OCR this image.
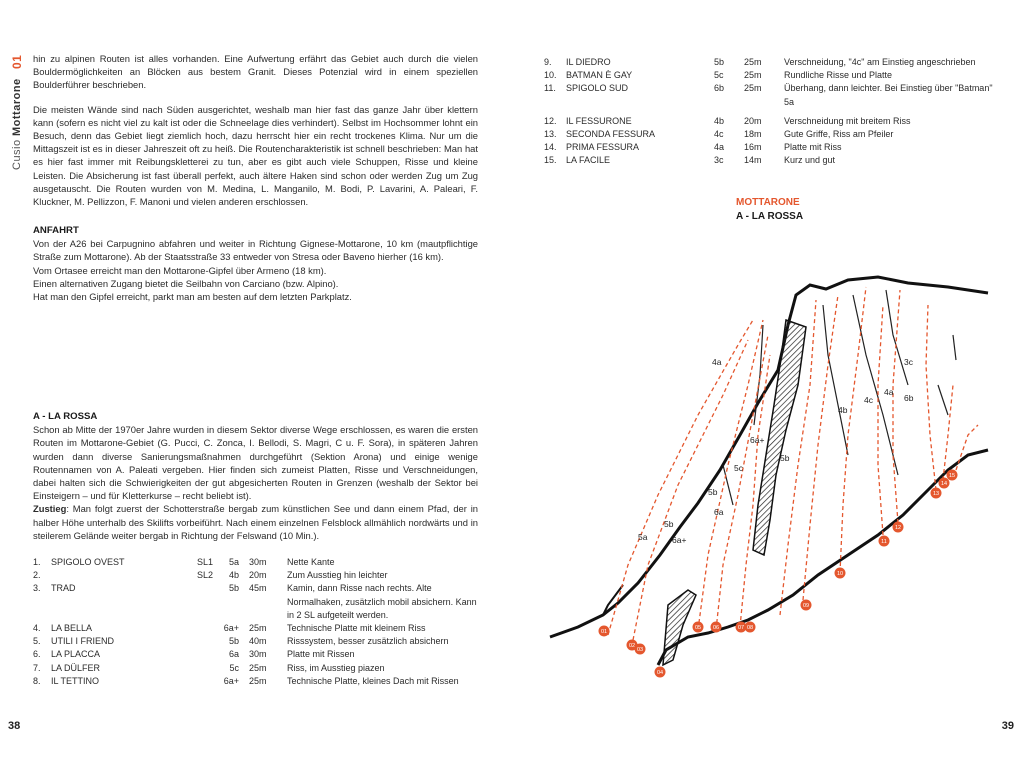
Cusio Mottarone 01 hin zu alpinen Routen ist alles vorhanden. Eine Aufwertung erfährt das Gebiet auch durch die vielen Bouldermöglichkeiten an Blöcken aus bestem Granit. Dieses Potenzial wird in einem speziellen Boulderführer beschrieben.

Die meisten Wände sind nach Süden ausgerichtet, weshalb man hier fast das ganze Jahr über klettern kann (sofern es nicht viel zu kalt ist oder die Schneelage dies verhindert). Selbst im Hochsommer lohnt ein Besuch, denn das Gebiet liegt ziemlich hoch, dazu herrscht hier ein recht trockenes Klima. Nur um die Mittagszeit ist es in dieser Jahreszeit oft zu heiß. Die Routencharakteristik ist schnell beschrieben: Man hat es hier fast immer mit Reibungskletterei zu tun, aber es gibt auch viele Schuppen, Risse und kleine Leisten. Die Absicherung ist fast überall perfekt, auch ältere Haken sind schon oder werden Zug um Zug ausgetauscht. Die Routen wurden von M. Medina, L. Manganilo, M. Bodi, P. Lavarini, A. Paleari, F. Kluckner, M. Pellizzon, F. Manoni und vielen anderen erschlossen.

ANFAHRT

Von der A26 bei Carpugnino abfahren und weiter in Richtung Gignese-Mottarone, 10 km (mautpflichtige Straße zum Mottarone). Ab der Staatsstraße 33 entweder von Stresa oder Baveno hierher (16 km).

Vom Ortasee erreicht man den Mottarone-Gipfel über Armeno (18 km).

Einen alternativen Zugang bietet die Seilbahn von Carciano (bzw. Alpino).

Hat man den Gipfel erreicht, parkt man am besten auf dem letzten Parkplatz.

A - LA ROSSA

Schon ab Mitte der 1970er Jahre wurden in diesem Sektor diverse Wege erschlossen, es waren die ersten Routen im Mottarone-Gebiet (G. Pucci, C. Zonca, I. Bellodi, S. Magri, C u. F. Sora), in späteren Jahren wurden dann diverse Sanierungsmaßnahmen durchgeführt (Sektion Arona) und einige wenige Routennamen von A. Paleati vergeben. Hier finden sich zumeist Platten, Risse und Verschneidungen, dabei halten sich die Schwierigkeiten der gut abgesicherten Routen in Grenzen (weshalb der Sektor bei Einsteigern – und für Kletterkurse – recht beliebt ist).

Zustieg: Man folgt zuerst der Schotterstraße bergab zum künstlichen See und dann einem Pfad, der in halber Höhe unterhalb des Skilifts vorbeiführt. Nach einem einzelnen Felsblock allmählich nordwärts und in steilerem Gelände weiter bergab in Richtung der Felswand (10 Min.).

1.	SPIGOLO OVEST	SL1	5a	30m	Nette Kante
2.		SL2	4b	20m	Zum Ausstieg hin leichter
3.	TRAD		5b	45m	Kamin, dann Risse nach rechts. Alte Normalhaken, zusätzlich mobil absichern. Kann in 2 SL aufgeteilt werden.
4.	LA BELLA		6a+	25m	Technische Platte mit kleinem Riss
5.	UTILI I FRIEND		5b	40m	Risssystem, besser zusätzlich absichern
6.	LA PLACCA		6a	30m	Platte mit Rissen
7.	LA DÜLFER		5c	25m	Riss, im Ausstieg piazen
8.	IL TETTINO		6a+	25m	Technische Platte, kleines Dach mit Rissen
38	39
9.	IL DIEDRO	5b	25m	Verschneidung, "4c" am Einstieg angeschrieben
10.	BATMAN È GAY	5c	25m	Rundliche Risse und Platte
11.	SPIGOLO SUD	6b	25m	Überhang, dann leichter. Bei Einstieg über "Batman" 5a
12.	IL FESSURONE	4b	20m	Verschneidung mit breitem Riss
13.	SECONDA FESSURA	4c	18m	Gute Griffe, Riss am Pfeiler
14.	PRIMA FESSURA	4a	16m	Platte mit Riss
15.	LA FACILE	3c	14m	Kurz und gut
MOTTARONE
A - LA ROSSA
4a	3c
4b
4c
4a
6b
5b
6a+
5c
5b
6a
5b
6a+
5a
01
02
03
04
05 06	07 08
09
10
11
12
13
14
15
